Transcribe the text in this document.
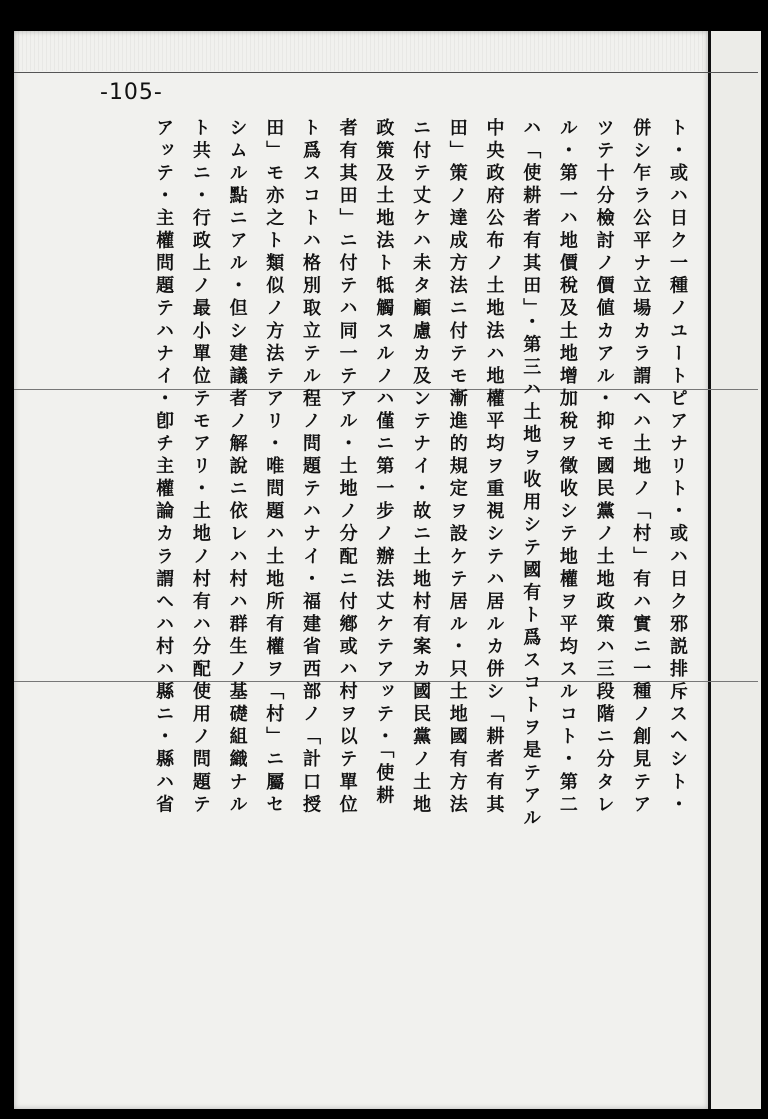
-105-
ト・或ハ日ク一種ノユートピアナリト・或ハ日ク邪説排斥スヘシト・
併シ乍ラ公平ナ立場カラ謂ヘハ土地ノ「村」有ハ實ニ一種ノ創見テア
ツテ十分檢討ノ價値カアル・抑モ國民黨ノ土地政策ハ三段階ニ分タレ
ル・第一ハ地價稅及土地增加稅ヲ徵收シテ地權ヲ平均スルコト・第二
ハ「使耕者有其田」・第三ハ土地ヲ收用シテ國有ト爲スコトヲ是テアル
中央政府公布ノ土地法ハ地權平均ヲ重視シテハ居ルカ併シ「耕者有其
田」策ノ達成方法ニ付テモ漸進的規定ヲ設ケテ居ル・只土地國有方法
ニ付テ丈ケハ未タ顧慮カ及ンテナイ・故ニ土地村有案カ國民黨ノ土地
政策及土地法ト牴觸スルノハ僅ニ第一步ノ辦法丈ケテアッテ・「使耕
者有其田」ニ付テハ同一テアル・土地ノ分配ニ付鄕或ハ村ヲ以テ單位
ト爲スコトハ格別取立テル程ノ問題テハナイ・福建省西部ノ「計口授
田」モ亦之ト類似ノ方法テアリ・唯問題ハ土地所有權ヲ「村」ニ屬セ
シムル點ニアル・但シ建議者ノ解說ニ依レハ村ハ群生ノ基礎組織ナル
ト共ニ・行政上ノ最小單位テモアリ・土地ノ村有ハ分配使用ノ問題テ
アッテ・主權問題テハナイ・卽チ主權論カラ謂ヘハ村ハ縣ニ・縣ハ省
